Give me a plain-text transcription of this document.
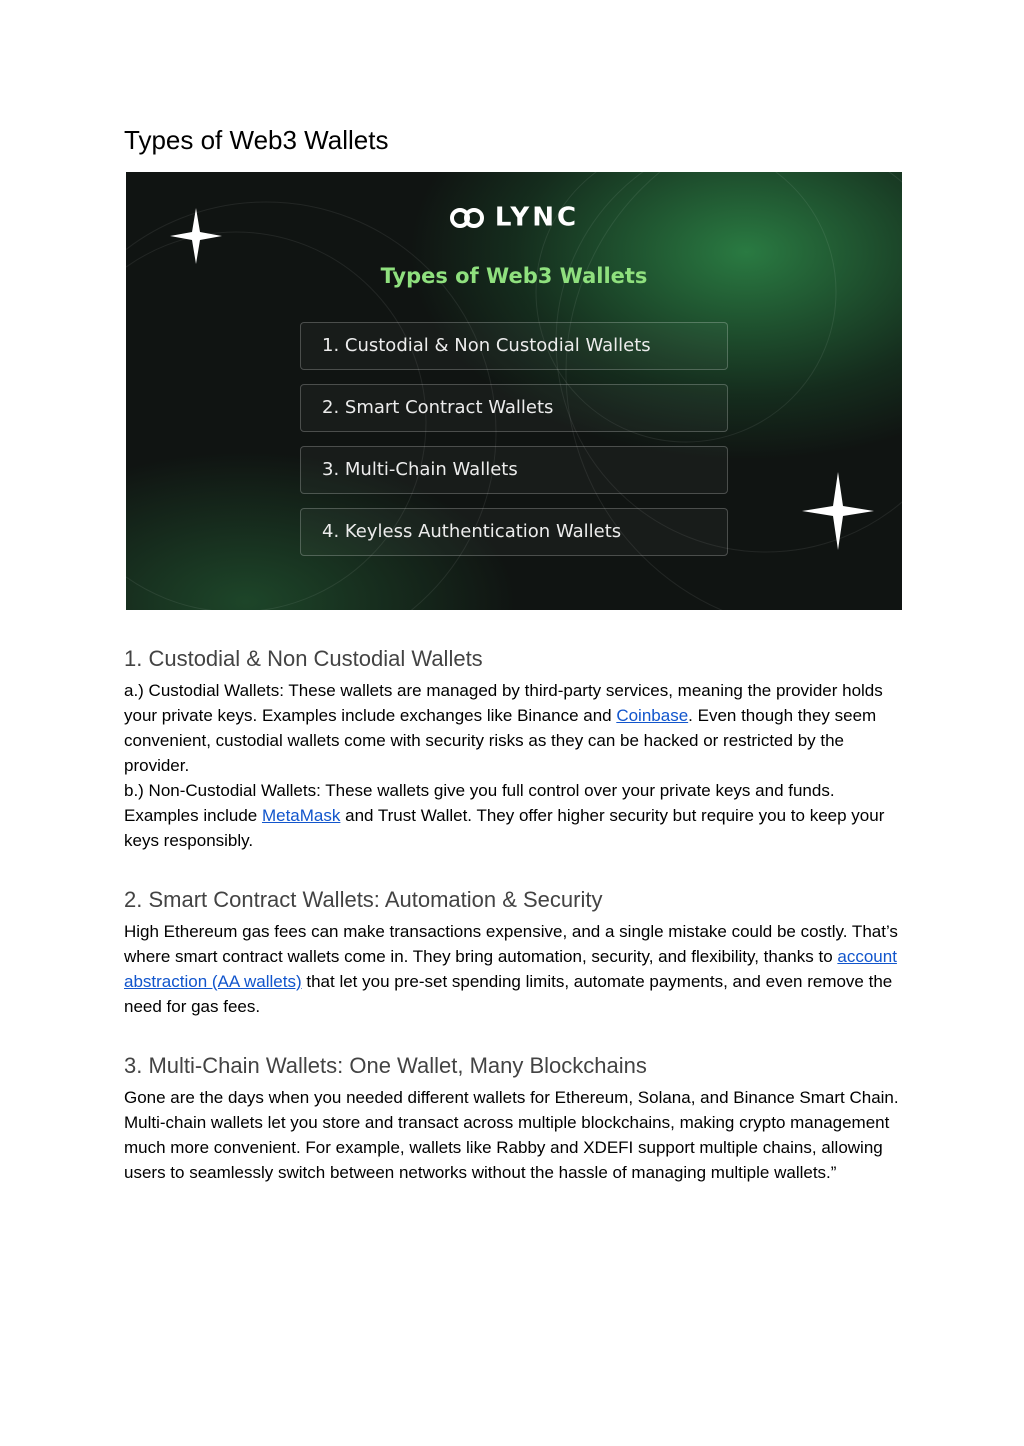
Types of Web3 Wallets
LYNC
Types of Web3 Wallets
1. Custodial & Non Custodial Wallets
2. Smart Contract Wallets
3. Multi-Chain Wallets
4. Keyless Authentication Wallets
1. Custodial & Non Custodial Wallets

a.) Custodial Wallets: These wallets are managed by third-party services, meaning the provider holds your private keys. Examples include exchanges like Binance and Coinbase. Even though they seem convenient, custodial wallets come with security risks as they can be hacked or restricted by the provider.

b.) Non-Custodial Wallets: These wallets give you full control over your private keys and funds. Examples include MetaMask and Trust Wallet. They offer higher security but require you to keep your keys responsibly.

2. Smart Contract Wallets: Automation & Security

High Ethereum gas fees can make transactions expensive, and a single mistake could be costly. That’s where smart contract wallets come in. They bring automation, security, and flexibility, thanks to account abstraction (AA wallets) that let you pre-set spending limits, automate payments, and even remove the need for gas fees.

3. Multi-Chain Wallets: One Wallet, Many Blockchains

Gone are the days when you needed different wallets for Ethereum, Solana, and Binance Smart Chain. Multi-chain wallets let you store and transact across multiple blockchains, making crypto management much more convenient. For example, wallets like Rabby and XDEFI support multiple chains, allowing users to seamlessly switch between networks without the hassle of managing multiple wallets.”
